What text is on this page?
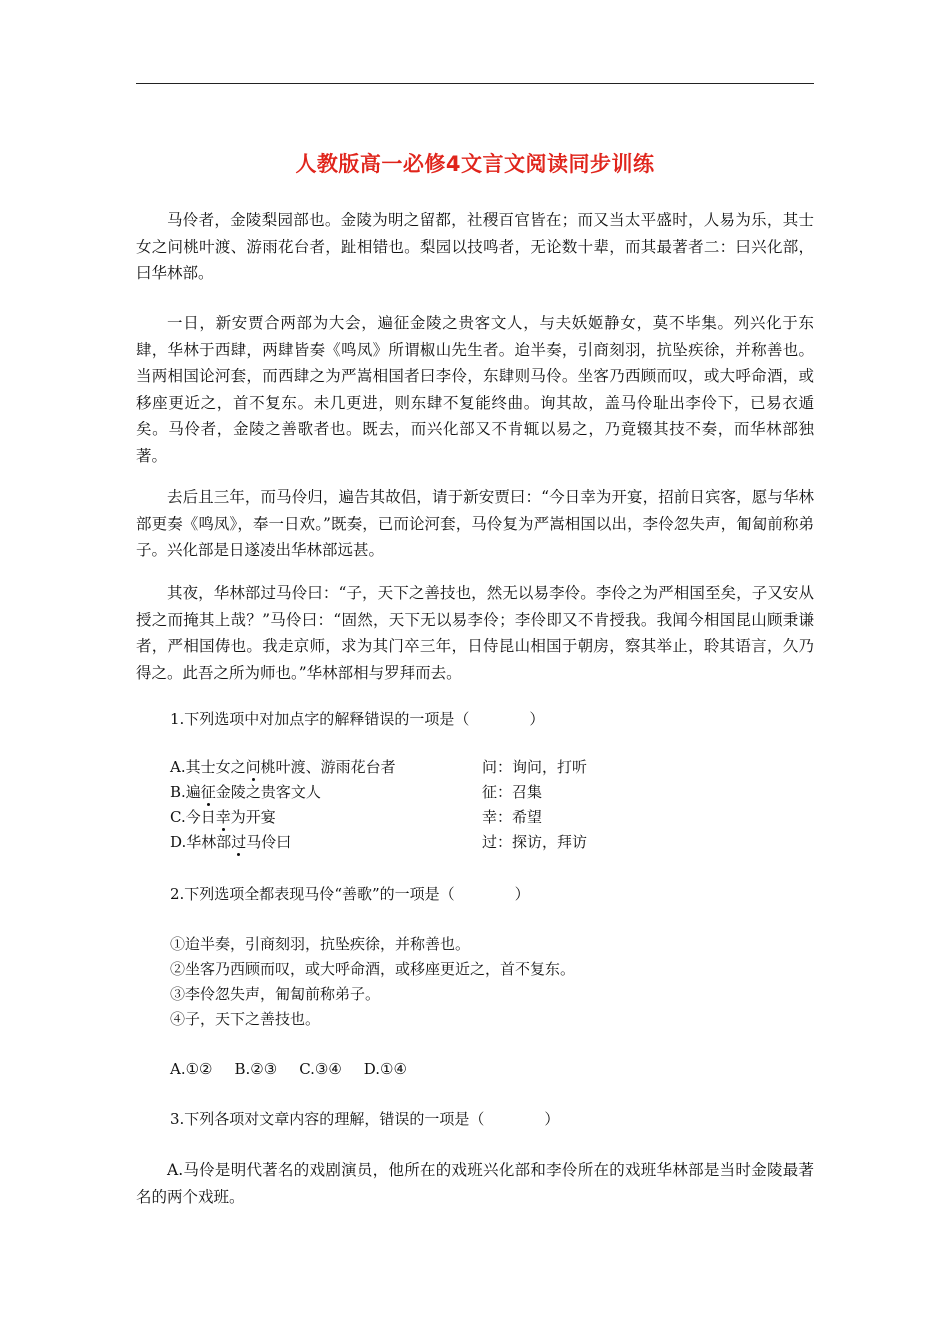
人教版高一必修4文言文阅读同步训练

马伶者，金陵梨园部也。金陵为明之留都，社稷百官皆在；而又当太平盛时，人易为乐，其士女之问桃叶渡、游雨花台者，趾相错也。梨园以技鸣者，无论数十辈，而其最著者二：曰兴化部，曰华林部。

一日，新安贾合两部为大会，遍征金陵之贵客文人，与夫妖姬静女，莫不毕集。列兴化于东肆，华林于西肆，两肆皆奏《鸣凤》所谓椒山先生者。迨半奏，引商刻羽，抗坠疾徐，并称善也。当两相国论河套，而西肆之为严嵩相国者曰李伶，东肆则马伶。坐客乃西顾而叹，或大呼命酒，或移座更近之，首不复东。未几更进，则东肆不复能终曲。询其故，盖马伶耻出李伶下，已易衣遁矣。马伶者，金陵之善歌者也。既去，而兴化部又不肯辄以易之，乃竟辍其技不奏，而华林部独著。

去后且三年，而马伶归，遍告其故侣，请于新安贾曰：“今日幸为开宴，招前日宾客，愿与华林部更奏《鸣凤》，奉一日欢。”既奏，已而论河套，马伶复为严嵩相国以出，李伶忽失声，匍匐前称弟子。兴化部是日遂凌出华林部远甚。

其夜，华林部过马伶曰：“子，天下之善技也，然无以易李伶。李伶之为严相国至矣，子又安从授之而掩其上哉？”马伶曰：“固然，天下无以易李伶；李伶即又不肯授我。我闻今相国昆山顾秉谦者，严相国俦也。我走京师，求为其门卒三年，日侍昆山相国于朝房，察其举止，聆其语言，久乃得之。此吾之所为师也。”华林部相与罗拜而去。

1.下列选项中对加点字的解释错误的一项是（　　　　）
A.其士女之问桃叶渡、游雨花台者	问：询问，打听
B.遍征金陵之贵客文人	征：召集
C.今日幸为开宴	幸：希望
D.华林部过马伶曰	过：探访，拜访
2.下列选项全都表现马伶“善歌”的一项是（　　　　）
①迨半奏，引商刻羽，抗坠疾徐，并称善也。
②坐客乃西顾而叹，或大呼命酒，或移座更近之，首不复东。
③李伶忽失声，匍匐前称弟子。
④子，天下之善技也。
A.①② B.②③ C.③④ D.①④
3.下列各项对文章内容的理解，错误的一项是（　　　　）

A.马伶是明代著名的戏剧演员，他所在的戏班兴化部和李伶所在的戏班华林部是当时金陵最著名的两个戏班。
